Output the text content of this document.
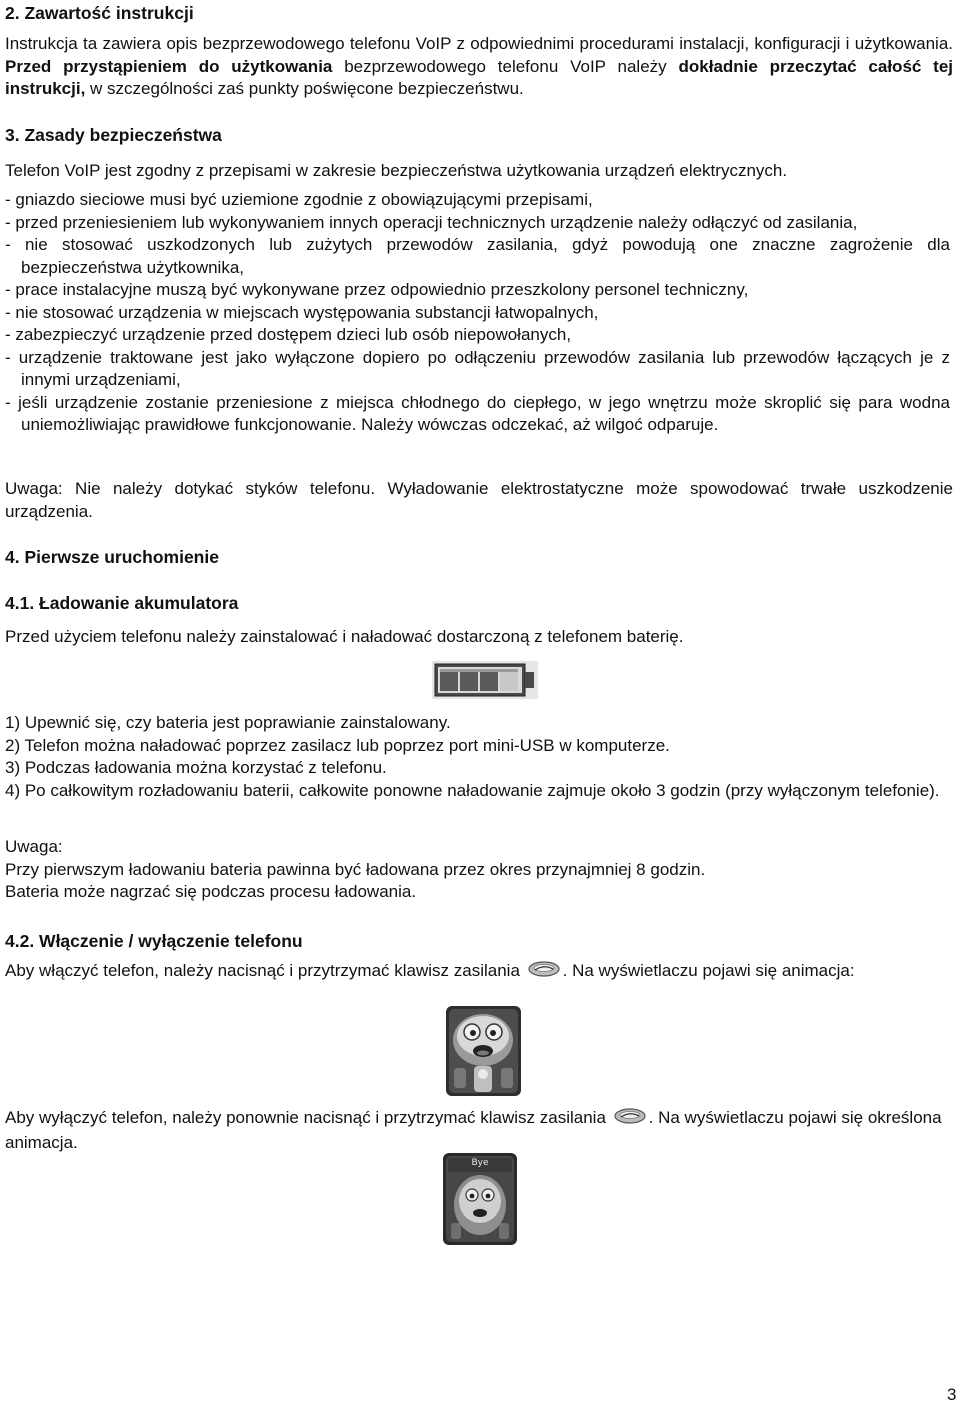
2. Zawartość instrukcji

Instrukcja ta zawiera opis bezprzewodowego telefonu VoIP z odpowiednimi procedurami instalacji, konfiguracji i użytkowania. Przed przystąpieniem do użytkowania bezprzewodowego telefonu VoIP należy dokładnie przeczytać całość tej instrukcji, w szczególności zaś punkty poświęcone bezpieczeństwu.

3. Zasady bezpieczeństwa

Telefon VoIP jest zgodny z przepisami w zakresie bezpieczeństwa użytkowania urządzeń elektrycznych.

- gniazdo sieciowe musi być uziemione zgodnie z obowiązującymi przepisami,

- przed przeniesieniem lub wykonywaniem innych operacji technicznych urządzenie należy odłączyć od zasilania,

- nie stosować uszkodzonych lub zużytych przewodów zasilania, gdyż powodują one znaczne zagrożenie dla bezpieczeństwa użytkownika,

- prace instalacyjne muszą być wykonywane przez odpowiednio przeszkolony personel techniczny,

- nie stosować urządzenia w miejscach występowania substancji łatwopalnych,

- zabezpieczyć urządzenie przed dostępem dzieci lub osób niepowołanych,

- urządzenie traktowane jest jako wyłączone dopiero po odłączeniu przewodów zasilania lub przewodów łączących je z innymi urządzeniami,

- jeśli urządzenie zostanie przeniesione z miejsca chłodnego do ciepłego, w jego wnętrzu może skroplić się para wodna uniemożliwiając prawidłowe funkcjonowanie. Należy wówczas odczekać, aż wilgoć odparuje.

Uwaga: Nie należy dotykać styków telefonu. Wyładowanie elektrostatyczne może spowodować trwałe uszkodzenie urządzenia.

4. Pierwsze uruchomienie
4.1. Ładowanie akumulatora

Przed użyciem telefonu należy zainstalować i naładować dostarczoną z telefonem baterię.

1) Upewnić się, czy bateria jest poprawianie zainstalowany.

2) Telefon można naładować poprzez zasilacz lub poprzez port mini-USB w komputerze.

3) Podczas ładowania można korzystać z telefonu.

4) Po całkowitym rozładowaniu baterii, całkowite ponowne naładowanie zajmuje około 3 godzin (przy wyłączonym telefonie).

Uwaga:

Przy pierwszym ładowaniu bateria pawinna być ładowana przez okres przynajmniej 8 godzin.

Bateria może nagrzać się podczas procesu ładowania.

4.2. Włączenie / wyłączenie telefonu

Aby włączyć telefon, należy nacisnąć i przytrzymać klawisz zasilania . Na wyświetlaczu pojawi się animacja:

Aby wyłączyć telefon, należy ponownie nacisnąć i przytrzymać klawisz zasilania . Na wyświetlaczu pojawi się określona animacja.

Bye
3
